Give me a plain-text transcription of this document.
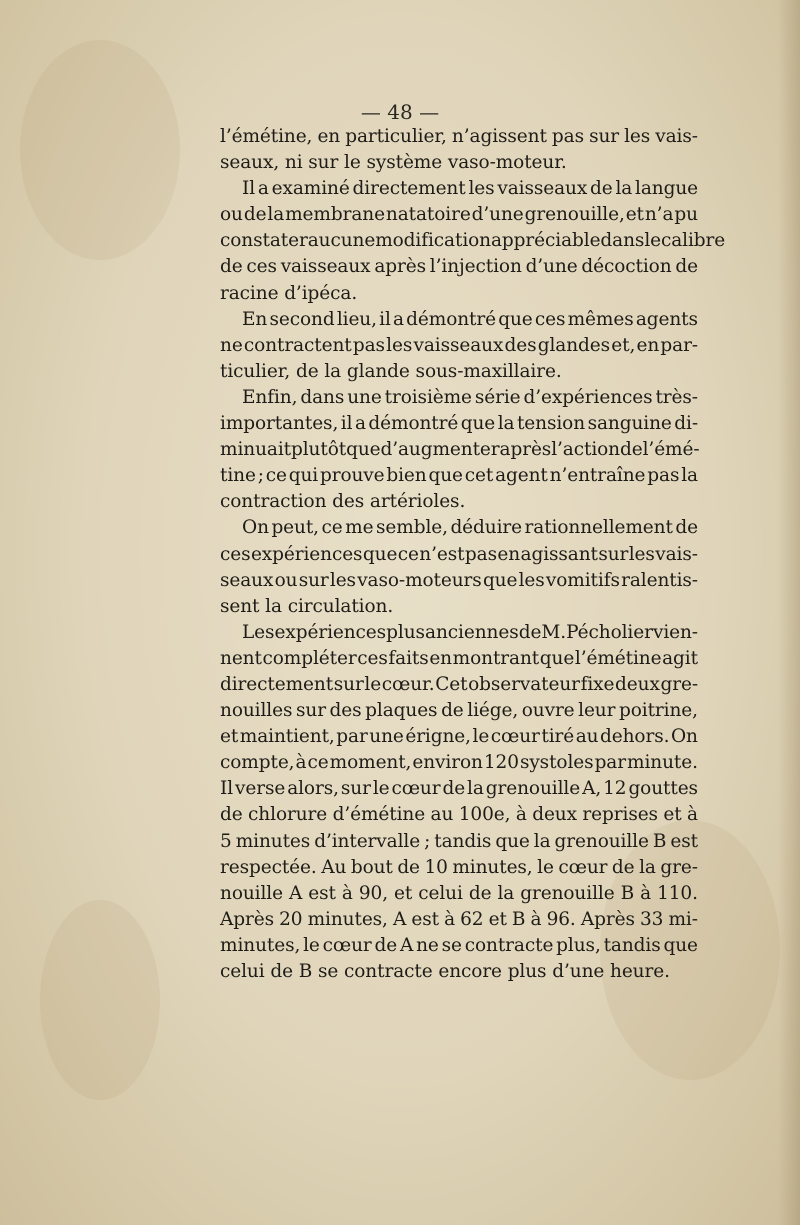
— 48 —
l’émétine, en particulier, n’agissent pas sur les vais-
seaux, ni sur le système vaso-moteur.
Il a examiné directement les vaisseaux de la langue
ou de la membrane natatoire d’une grenouille, et n’a pu
constater aucune modification appréciable dans le calibre
de ces vaisseaux après l’injection d’une décoction de
racine d’ipéca.
En second lieu, il a démontré que ces mêmes agents
ne contractent pas les vaisseaux des glandes et, en par-
ticulier, de la glande sous-maxillaire.
Enfin, dans une troisième série d’expériences très-
importantes, il a démontré que la tension sanguine di-
minuait plutôt que d’augmenter après l’action de l’émé-
tine ; ce qui prouve bien que cet agent n’entraîne pas la
contraction des artérioles.
On peut, ce me semble, déduire rationnellement de
ces expériences que ce n’est pas en agissant sur les vais-
seaux ou sur les vaso-moteurs que les vomitifs ralentis-
sent la circulation.
Les expériences plus anciennes de M. Pécholier vien-
nent compléter ces faits en montrant que l’émétine agit
directement sur le cœur. Cet observateur fixe deux gre-
nouilles sur des plaques de liége, ouvre leur poitrine,
et maintient, par une érigne, le cœur tiré au dehors. On
compte, à ce moment, environ 120 systoles par minute.
Il verse alors, sur le cœur de la grenouille A, 12 gouttes
de chlorure d’émétine au 100e, à deux reprises et à
5 minutes d’intervalle ; tandis que la grenouille B est
respectée. Au bout de 10 minutes, le cœur de la gre-
nouille A est à 90, et celui de la grenouille B à 110.
Après 20 minutes, A est à 62 et B à 96. Après 33 mi-
minutes, le cœur de A ne se contracte plus, tandis que
celui de B se contracte encore plus d’une heure.
